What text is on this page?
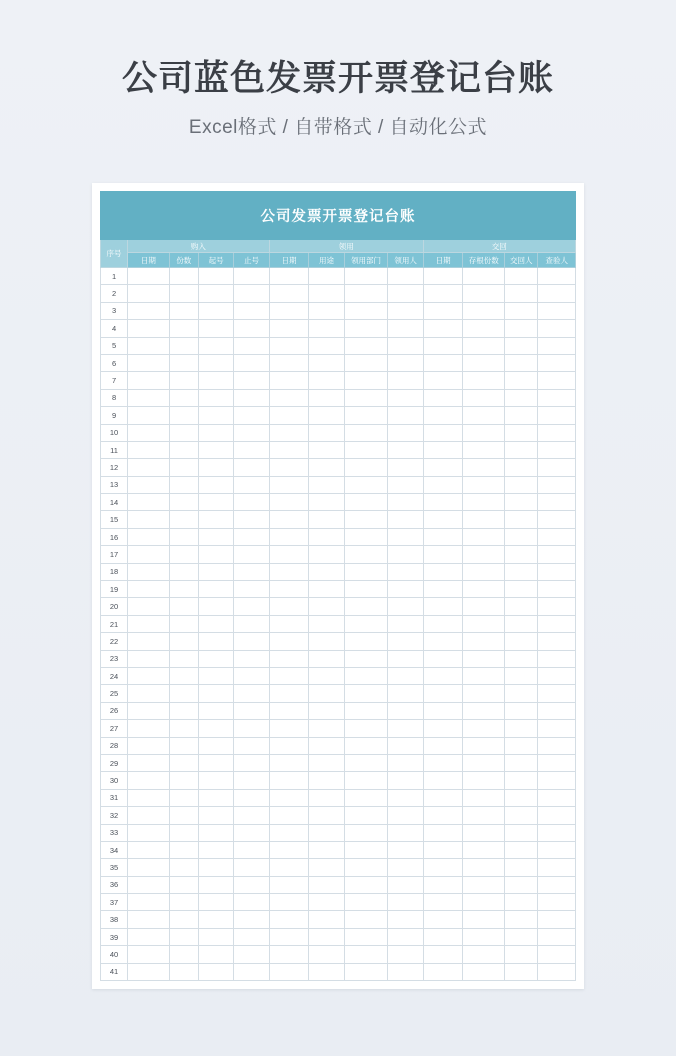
公司蓝色发票开票登记台账
Excel格式 / 自带格式 / 自动化公式
公司发票开票登记台账												
序号	购入				领用				交回			
	日期	份数	起号	止号	日期	用途	领用部门	领用人	日期	存根份数	交回人	查验人
1												
2												
3												
4												
5												
6												
7												
8												
9												
10												
11												
12												
13												
14												
15												
16												
17												
18												
19												
20												
21												
22												
23												
24												
25												
26												
27												
28												
29												
30												
31												
32												
33												
34												
35												
36												
37												
38												
39												
40												
41												
